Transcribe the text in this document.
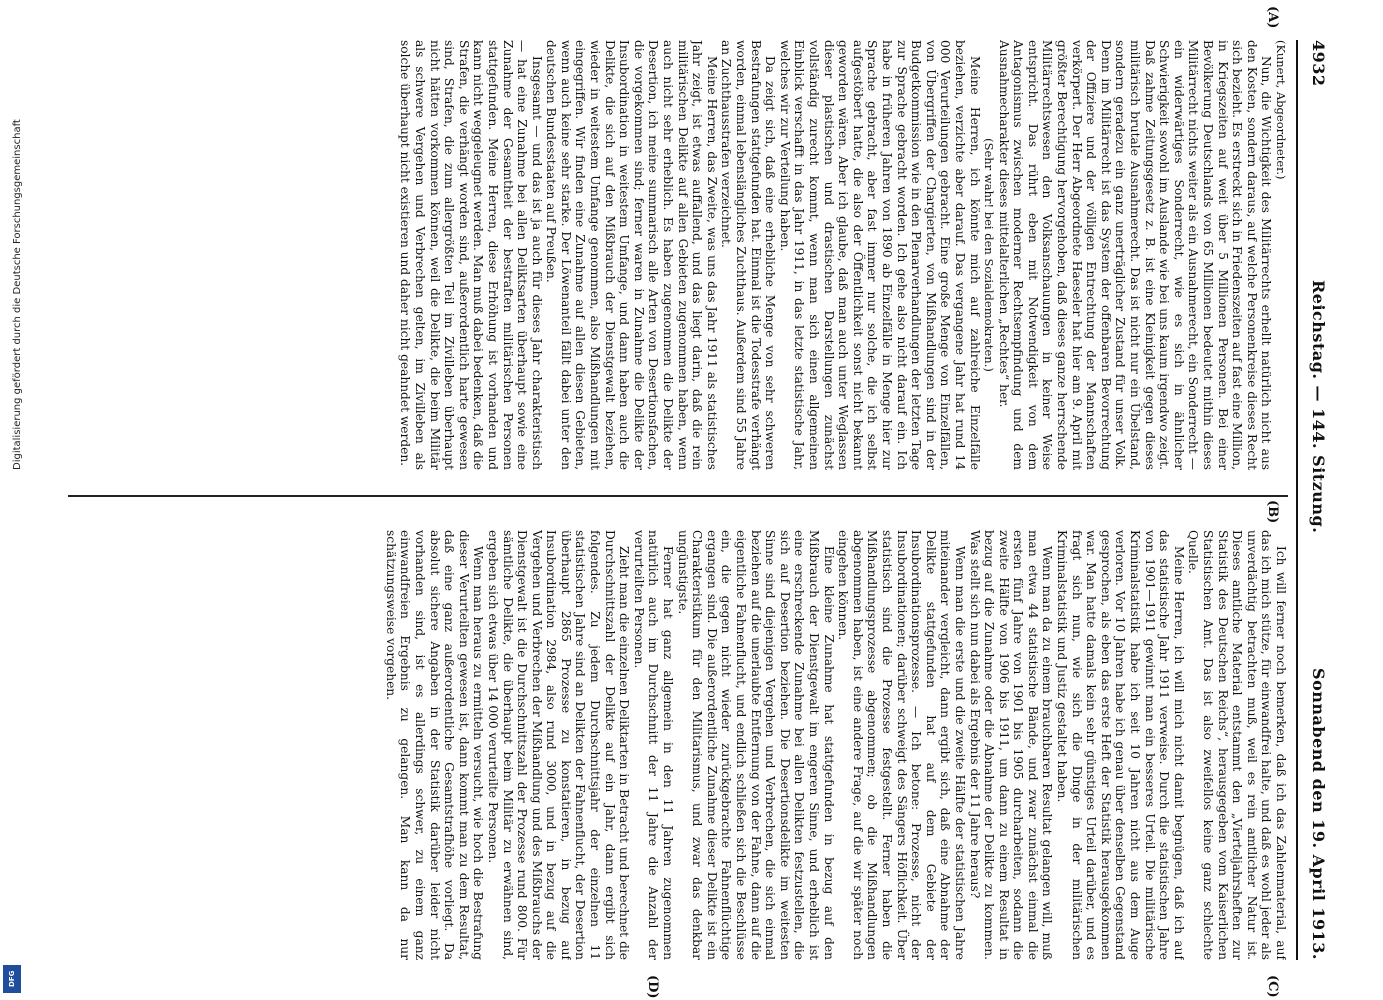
4932
Reichstag. — 144. Sitzung.
Sonnabend den 19. April 1913.
(A)
(B)
(C)
(D)

(Kunert, Abgeordneter.)

Nun, die Wichtigkeit des Militärrechts erhellt natürlich nicht aus den Kosten, sondern daraus, auf welche Personenkreise dieses Recht sich bezieht. Es erstreckt sich in Friedenszeiten auf fast eine Million, in Kriegszeiten auf weit über 5 Millionen Personen. Bei einer Bevölkerung Deutschlands von 65 Millionen bedeutet mithin dieses Militärrecht nichts weiter als ein Ausnahmerecht, ein Sonderrecht — ein widerwärtiges Sonderrecht, wie es sich in ähnlicher Schwierigkeit sowohl im Auslande wie bei uns kaum irgendwo zeigt. Daß zahme Zeitungsgesetz z. B. ist eine Kleinigkeit gegen dieses militärisch brutale Ausnahmerecht. Das ist nicht nur ein Übelstand, sondern geradezu ein ganz unerträglicher Zustand für unser Volk. Denn im Militärrecht ist das System der offenbaren Bevorrechtung der Offiziere und der völligen Entrechtung der Mannschaften verkörpert. Der Herr Abgeordnete Haeseler hat hier am 9. April mit größter Berechtigung hervorgehoben, daß dieses ganze herrschende Militärrechtswesen den Volksanschauungen in keiner Weise entspricht. Das rührt eben mit Notwendigkeit von dem Antagonismus zwischen moderner Rechtsempfindung und dem Ausnahmecharakter dieses mittelalterlichen „Rechtes“ her.

(Sehr wahr! bei den Sozialdemokraten.)

Meine Herren, ich könnte mich auf zahlreiche Einzelfälle beziehen, verzichte aber darauf. Das vergangene Jahr hat rund 14 000 Verurteilungen gebracht. Eine große Menge von Einzelfällen, von Übergriffen der Chargierten, von Mißhandlungen sind in der Budgetkommission wie in den Plenarverhandlungen der letzten Tage zur Sprache gebracht worden. Ich gehe also nicht darauf ein. Ich habe in früheren Jahren von 1890 ab Einzelfälle in Menge hier zur Sprache gebracht, aber fast immer nur solche, die ich selbst aufgestöbert hatte, die also der Öffentlichkeit sonst nicht bekannt geworden wären. Aber ich glaube, daß man auch unter Weglassen dieser plastischen und drastischen Darstellungen zunächst vollständig zurecht kommt, wenn man sich einen allgemeinen Einblick verschafft in das Jahr 1911, in das letzte statistische Jahr, welches wir zur Verteilung haben.

Da zeigt sich, daß eine erhebliche Menge von sehr schweren Bestrafungen stattgefunden hat. Einmal ist die Todesstrafe verhängt worden, einmal lebenslängliches Zuchthaus. Außerdem sind 55 Jahre an Zuchthausstrafen verzeichnet.

Meine Herren, das Zweite, was uns das Jahr 1911 als statistisches Jahr zeigt, ist etwas auffallend, und das liegt darin, daß die rein militärischen Delikte auf allen Gebieten zugenommen haben, wenn auch nicht sehr erheblich. Es haben zugenommen die Delikte der Desertion, ich meine summarisch alle Arten von Desertionsfachen, die vorgekommen sind; ferner waren in Zunahme die Delikte der Insubordination in weitestem Umfange, und dann haben auch die Delikte, die sich auf den Mißbrauch der Dienstgewalt beziehen, wieder in weitestem Umfange genommen, also Mißhandlungen mit eingegriffen. Wir finden eine Zunahme auf allen diesen Gebieten, wenn auch keine sehr starke. Der Löwenanteil fällt dabei unter den deutschen Bundesstaaten auf Preußen.

Insgesamt — und das ist ja auch für dieses Jahr charakteristisch — hat eine Zunahme bei allen Deliktsarten überhaupt sowie eine Zunahme der Gesamtheit der bestraften militärischen Personen stattgefunden. Meine Herren, diese Erhöhung ist vorhanden und kann nicht weggeleugnet werden. Man muß dabei bedenken, daß die Strafen, die verhängt worden sind, außerordentlich harte gewesen sind, Strafen, die zum allergrößten Teil im Zivilleben überhaupt nicht hätten vorkommen können, weil die Delikte, die beim Militär als schwere Vergehen und Verbrechen gelten, im Zivilleben als solche überhaupt nicht existieren und daher nicht geahndet werden.

Ich will ferner noch bemerken, daß ich das Zahlenmaterial, auf das ich mich stütze, für einwandfrei halte, und daß es wohl jeder als unverdächtig betrachten muß, weil es rein amtlicher Natur ist. Dieses amtliche Material entstammt den „Vierteljahrsheften zur Statistik des Deutschen Reichs“, herausgegeben vom Kaiserlichen Statistischen Amt. Das ist also zweifellos keine ganz schlechte Quelle.

Meine Herren, ich will mich nicht damit begnügen, daß ich auf das statistische Jahr 1911 verweise. Durch die statistischen Jahre von 1901—1911 gewinnt man ein besseres Urteil. Die militärische Kriminalstatistik habe ich seit 10 Jahren nicht aus dem Auge verloren. Vor 10 Jahren habe ich genau über denselben Gegenstand gesprochen, als eben das erste Heft der Statistik herausgekommen war. Man hatte damals kein sehr günstiges Urteil darüber, und es fragt sich nun, wie sich die Dinge in der militärischen Kriminalstatistik und Justiz gestaltet haben.

Wenn man da zu einem brauchbaren Resultat gelangen will, muß man etwa 44 statistische Bände, und zwar zunächst einmal die ersten fünf Jahre von 1901 bis 1905 durcharbeiten, sodann die zweite Hälfte von 1906 bis 1911, um dann zu einem Resultat in bezug auf die Zunahme oder die Abnahme der Delikte zu kommen. Was stellt sich nun dabei als Ergebnis der 11 Jahre heraus?

Wenn man die erste und die zweite Hälfte der statistischen Jahre miteinander vergleicht, dann ergibt sich, daß eine Abnahme der Delikte stattgefunden hat auf dem Gebiete der Insubordinationsprozesse. — Ich betone: Prozesse, nicht der Insubordinationen; darüber schweigt des Sängers Höflichkeit. Über statistisch sind die Prozesse festgestellt. Ferner haben die Mißhandlungsprozesse abgenommen; ob die Mißhandlungen abgenommen haben, ist eine andere Frage, auf die wir später noch eingehen können.

Eine kleine Zunahme hat stattgefunden in bezug auf den Mißbrauch der Dienstgewalt im engeren Sinne, und erheblich ist eine erschreckende Zunahme bei allen Delikten festzustellen, die sich auf Desertion beziehen. Die Desertionsdelikte im weitesten Sinne sind diejenigen Vergehen und Verbrechen, die sich einmal beziehen auf die unerlaubte Entfernung von der Fahne, dann auf die eigentliche Fahnenflucht, und endlich schließen sich die Beschlüsse ein, die gegen nicht wieder zurückgebrachte Fahnenflüchtige ergangen sind. Die außerordentliche Zunahme dieser Delikte ist ein Charakteristikum für den Militarismus, und zwar das denkbar ungünstigste.

Ferner hat ganz allgemein in den 11 Jahren zugenommen natürlich auch im Durchschnitt der 11 Jahre die Anzahl der verurteilten Personen.

Zieht man die einzelnen Deliktarten in Betracht und berechnet die Durchschnittszahl der Delikte auf ein Jahr, dann ergibt sich folgendes. Zu jedem Durchschnittsjahr der einzelnen 11 statistischen Jahre sind an Delikten der Fahnenflucht, der Desertion überhaupt 2865 Prozesse zu konstatieren, in bezug auf Insubordination 2984, also rund 3000, und in bezug auf die Vergehen und Verbrechen der Mißhandlung und des Mißbrauchs der Dienstgewalt ist die Durchschnittszahl der Prozesse rund 800. Für sämtliche Delikte, die überhaupt beim Militär zu erwähnen sind, ergeben sich etwas über 14 000 verurteilte Personen.

Wenn man heraus zu ermitteln versucht, wie hoch die Bestrafung dieser Verurteilten gewesen ist, dann kommt man zu dem Resultat, daß eine ganz außerordentliche Gesamtstrafhöhe vorliegt. Da absolut sichere Angaben in der Statistik darüber leider nicht vorhanden sind, ist es allerdings schwer, zu einem ganz einwandfreien Ergebnis zu gelangen. Man kann da nur schätzungsweise vorgehen.

Digitalisierung gefördert durch die Deutsche Forschungsgemeinschaft
DFG
